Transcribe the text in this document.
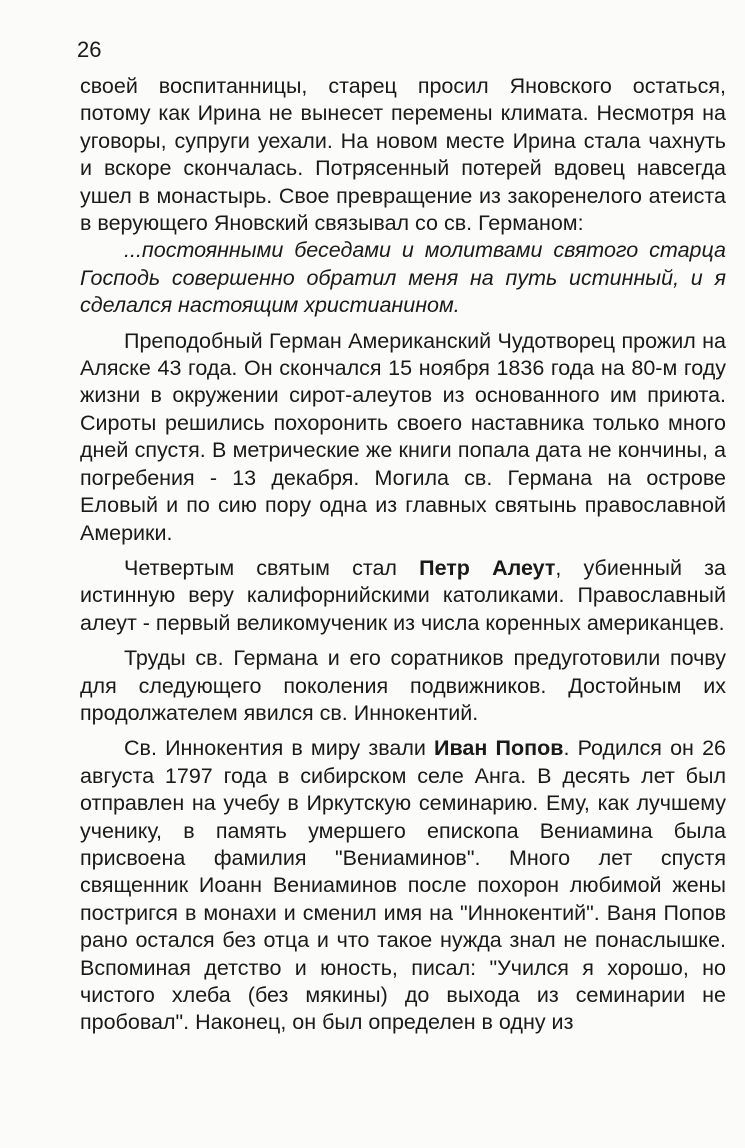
26

своей воспитанницы, старец просил Яновского остаться, потому как Ирина не вынесет перемены климата. Несмотря на уговоры, супруги уехали. На новом месте Ирина стала чахнуть и вскоре скончалась. Потрясенный потерей вдовец навсегда ушел в монастырь. Свое превращение из закоренелого атеиста в верующего Яновский связывал со св. Германом:

...постоянными беседами и молитвами святого старца Господь совершенно обратил меня на путь истинный, и я сделался настоящим христианином.

Преподобный Герман Американский Чудотворец прожил на Аляске 43 года. Он скончался 15 ноября 1836 года на 80-м году жизни в окружении сирот-алеутов из основанного им приюта. Сироты решились похоронить своего наставника только много дней спустя. В метрические же книги попала дата не кончины, а погребения - 13 декабря. Могила св. Германа на острове Еловый и по сию пору одна из главных святынь православной Америки.

Четвертым святым стал Петр Алеут, убиенный за истинную веру калифорнийскими католиками. Православный алеут - первый великомученик из числа коренных американцев.

Труды св. Германа и его соратников предуготовили почву для следующего поколения подвижников. Достойным их продолжателем явился св. Иннокентий.

Св. Иннокентия в миру звали Иван Попов. Родился он 26 августа 1797 года в сибирском селе Анга. В десять лет был отправлен на учебу в Иркутскую семинарию. Ему, как лучшему ученику, в память умершего епископа Вениамина была присвоена фамилия "Вениаминов". Много лет спустя священник Иоанн Вениаминов после похорон любимой жены постригся в монахи и сменил имя на "Иннокентий". Ваня Попов рано остался без отца и что такое нужда знал не понаслышке. Вспоминая детство и юность, писал: "Учился я хорошо, но чистого хлеба (без мякины) до выхода из семинарии не пробовал". Наконец, он был определен в одну из
